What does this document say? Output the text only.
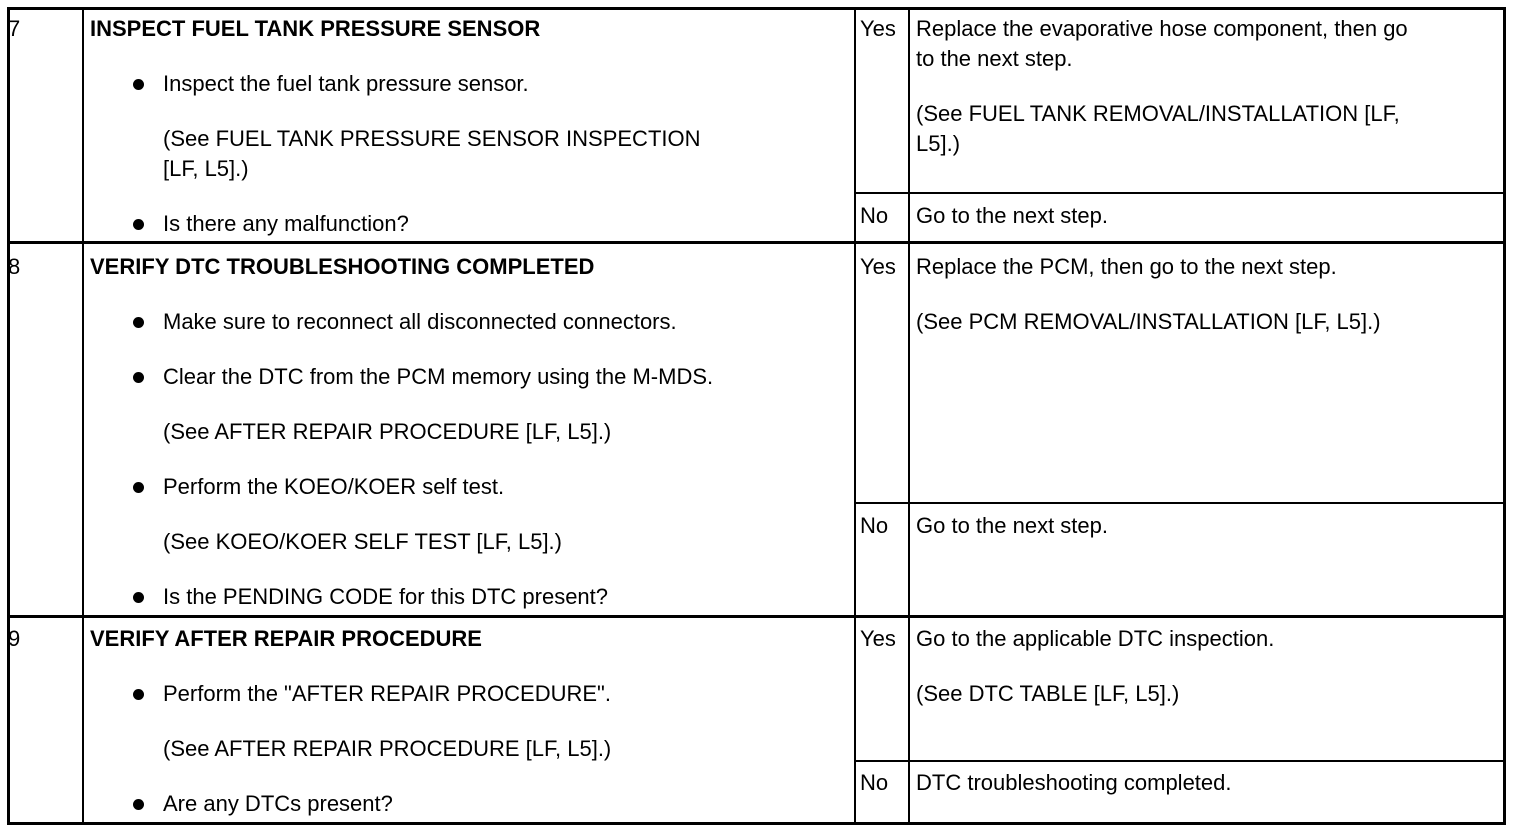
7	INSPECT FUEL TANK PRESSURE SENSOR
Inspect the fuel tank pressure sensor.
(See FUEL TANK PRESSURE SENSOR INSPECTION
[LF, L5].)
Is there any malfunction?
Yes Replace the evaporative hose component, then go
to the next step.
(See FUEL TANK REMOVAL/INSTALLATION [LF,
L5].)
No Go to the next step.
8	VERIFY DTC TROUBLESHOOTING COMPLETED
Make sure to reconnect all disconnected connectors.
Clear the DTC from the PCM memory using the M-MDS.
(See AFTER REPAIR PROCEDURE [LF, L5].)
Perform the KOEO/KOER self test.
(See KOEO/KOER SELF TEST [LF, L5].)
Is the PENDING CODE for this DTC present?
Yes Replace the PCM, then go to the next step.
(See PCM REMOVAL/INSTALLATION [LF, L5].)
No Go to the next step.
9	VERIFY AFTER REPAIR PROCEDURE
Perform the "AFTER REPAIR PROCEDURE".
(See AFTER REPAIR PROCEDURE [LF, L5].)
Are any DTCs present?
Yes Go to the applicable DTC inspection.
(See DTC TABLE [LF, L5].)
No DTC troubleshooting completed.
